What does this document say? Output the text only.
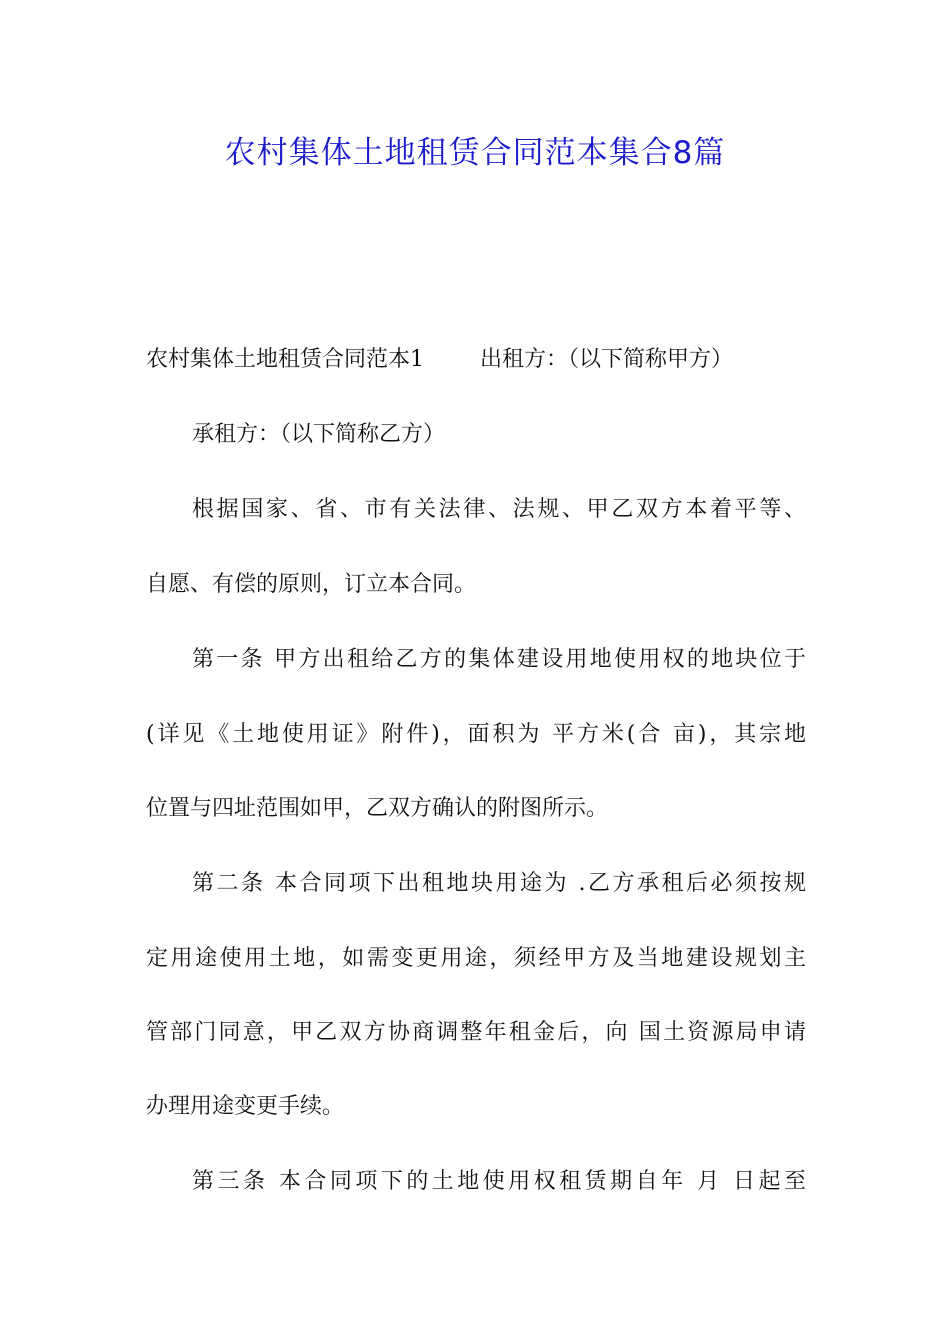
农村集体土地租赁合同范本集合8篇
农村集体土地租赁合同范本1	出租方：（以下简称甲方）
承租方：（以下简称乙方）
根据国家、省、市有关法律、法规、甲乙双方本着平等、
自愿、有偿的原则，订立本合同。
第一条 甲方出租给乙方的集体建设用地使用权的地块位于
(详见《土地使用证》附件)，面积为 平方米(合 亩)，其宗地
位置与四址范围如甲，乙双方确认的附图所示。
第二条 本合同项下出租地块用途为 .乙方承租后必须按规
定用途使用土地，如需变更用途，须经甲方及当地建设规划主
管部门同意，甲乙双方协商调整年租金后，向 国土资源局申请
办理用途变更手续。
第三条 本合同项下的土地使用权租赁期自年 月 日起至
